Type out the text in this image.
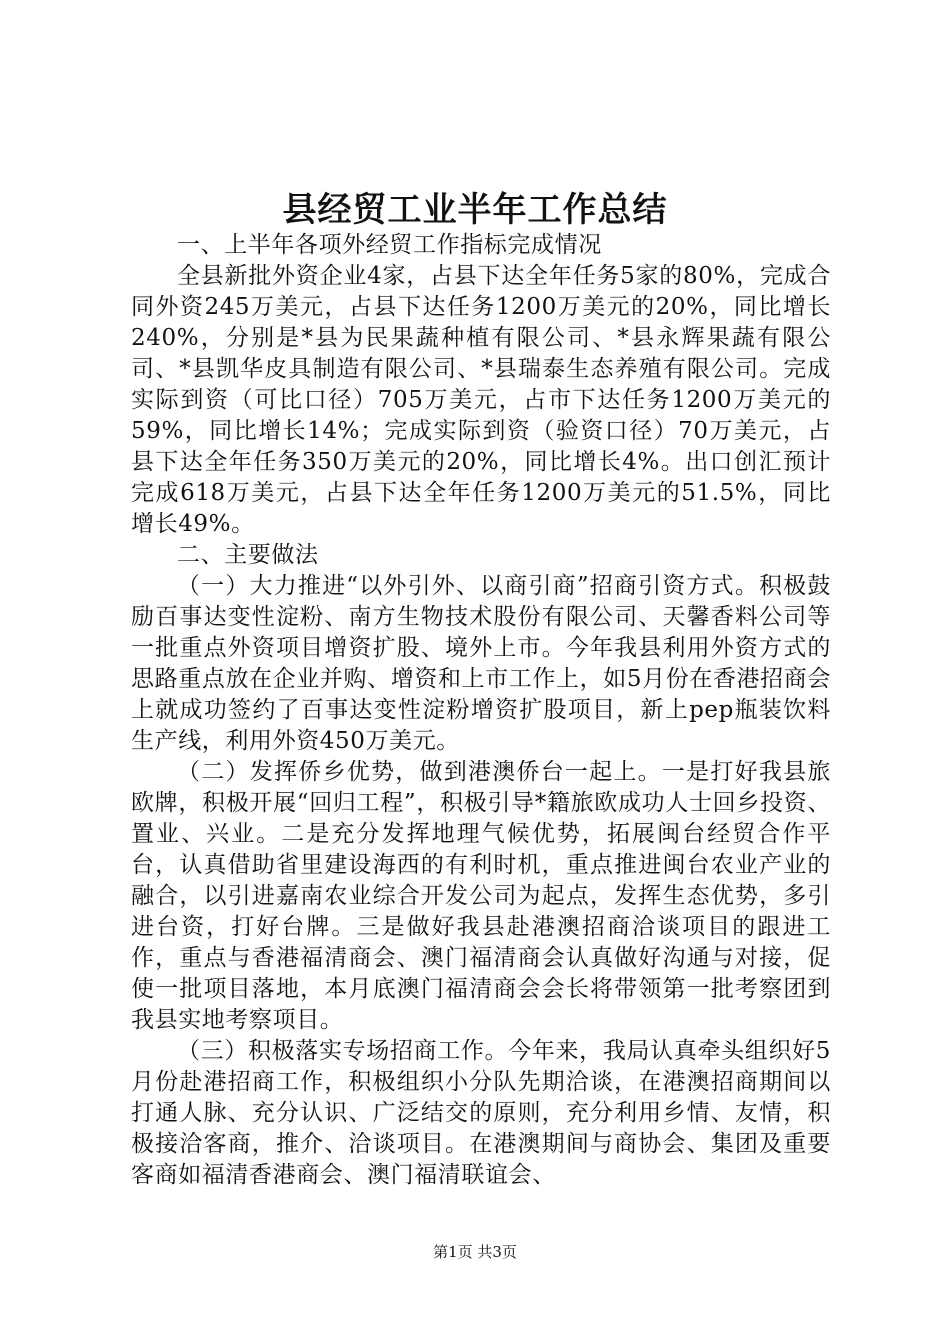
县经贸工业半年工作总结

一、上半年各项外经贸工作指标完成情况

全县新批外资企业4家，占县下达全年任务5家的80%，完成合同外资245万美元，占县下达任务1200万美元的20%，同比增长240%，分别是*县为民果蔬种植有限公司、*县永辉果蔬有限公司、*县凯华皮具制造有限公司、*县瑞泰生态养殖有限公司。完成实际到资（可比口径）705万美元，占市下达任务1200万美元的59%，同比增长14%；完成实际到资（验资口径）70万美元，占县下达全年任务350万美元的20%，同比增长4%。出口创汇预计完成618万美元，占县下达全年任务1200万美元的51.5%，同比增长49%。

二、主要做法

（一）大力推进“以外引外、以商引商”招商引资方式。积极鼓励百事达变性淀粉、南方生物技术股份有限公司、天馨香料公司等一批重点外资项目增资扩股、境外上市。今年我县利用外资方式的思路重点放在企业并购、增资和上市工作上，如5月份在香港招商会上就成功签约了百事达变性淀粉增资扩股项目，新上pep瓶装饮料生产线，利用外资450万美元。

（二）发挥侨乡优势，做到港澳侨台一起上。一是打好我县旅欧牌，积极开展“回归工程”，积极引导*籍旅欧成功人士回乡投资、置业、兴业。二是充分发挥地理气候优势，拓展闽台经贸合作平台，认真借助省里建设海西的有利时机，重点推进闽台农业产业的融合，以引进嘉南农业综合开发公司为起点，发挥生态优势，多引进台资，打好台牌。三是做好我县赴港澳招商洽谈项目的跟进工作，重点与香港福清商会、澳门福清商会认真做好沟通与对接，促使一批项目落地，本月底澳门福清商会会长将带领第一批考察团到我县实地考察项目。

（三）积极落实专场招商工作。今年来，我局认真牵头组织好5月份赴港招商工作，积极组织小分队先期洽谈，在港澳招商期间以打通人脉、充分认识、广泛结交的原则，充分利用乡情、友情，积极接洽客商，推介、洽谈项目。在港澳期间与商协会、集团及重要客商如福清香港商会、澳门福清联谊会、

第1页 共3页
